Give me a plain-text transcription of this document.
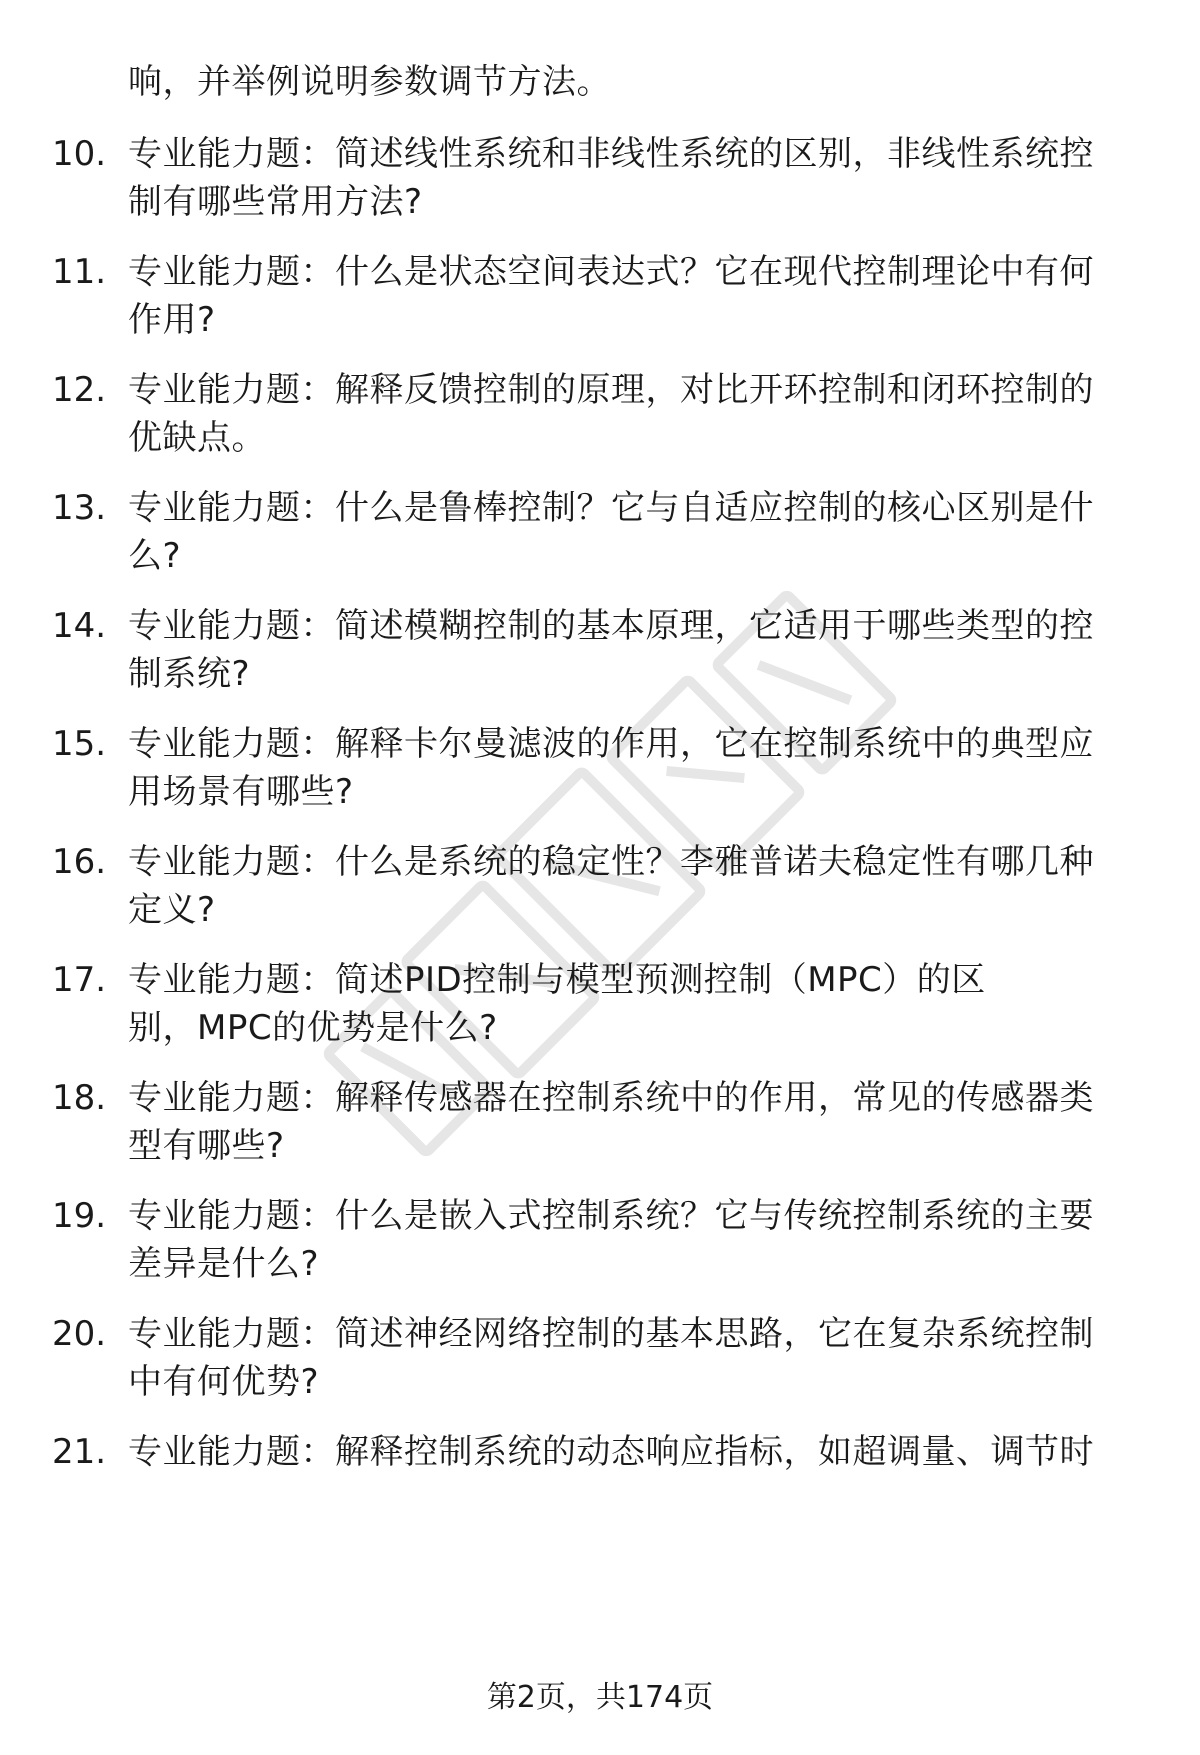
响，并举例说明参数调节方法。
10. 专业能力题：简述线性系统和非线性系统的区别，非线性系统控
制有哪些常用方法?
11. 专业能力题：什么是状态空间表达式？它在现代控制理论中有何
作用?
12. 专业能力题：解释反馈控制的原理，对比开环控制和闭环控制的
优缺点。
13. 专业能力题：什么是鲁棒控制？它与自适应控制的核心区别是什
么?
14. 专业能力题：简述模糊控制的基本原理，它适用于哪些类型的控
制系统?
15. 专业能力题：解释卡尔曼滤波的作用，它在控制系统中的典型应
用场景有哪些?
16. 专业能力题：什么是系统的稳定性？李雅普诺夫稳定性有哪几种
定义?
17. 专业能力题：简述PID控制与模型预测控制（MPC）的区
别，MPC的优势是什么?
18. 专业能力题：解释传感器在控制系统中的作用，常见的传感器类
型有哪些?
19. 专业能力题：什么是嵌入式控制系统？它与传统控制系统的主要
差异是什么?
20. 专业能力题：简述神经网络控制的基本思路，它在复杂系统控制
中有何优势?
21. 专业能力题：解释控制系统的动态响应指标，如超调量、调节时
第2页，共174页
